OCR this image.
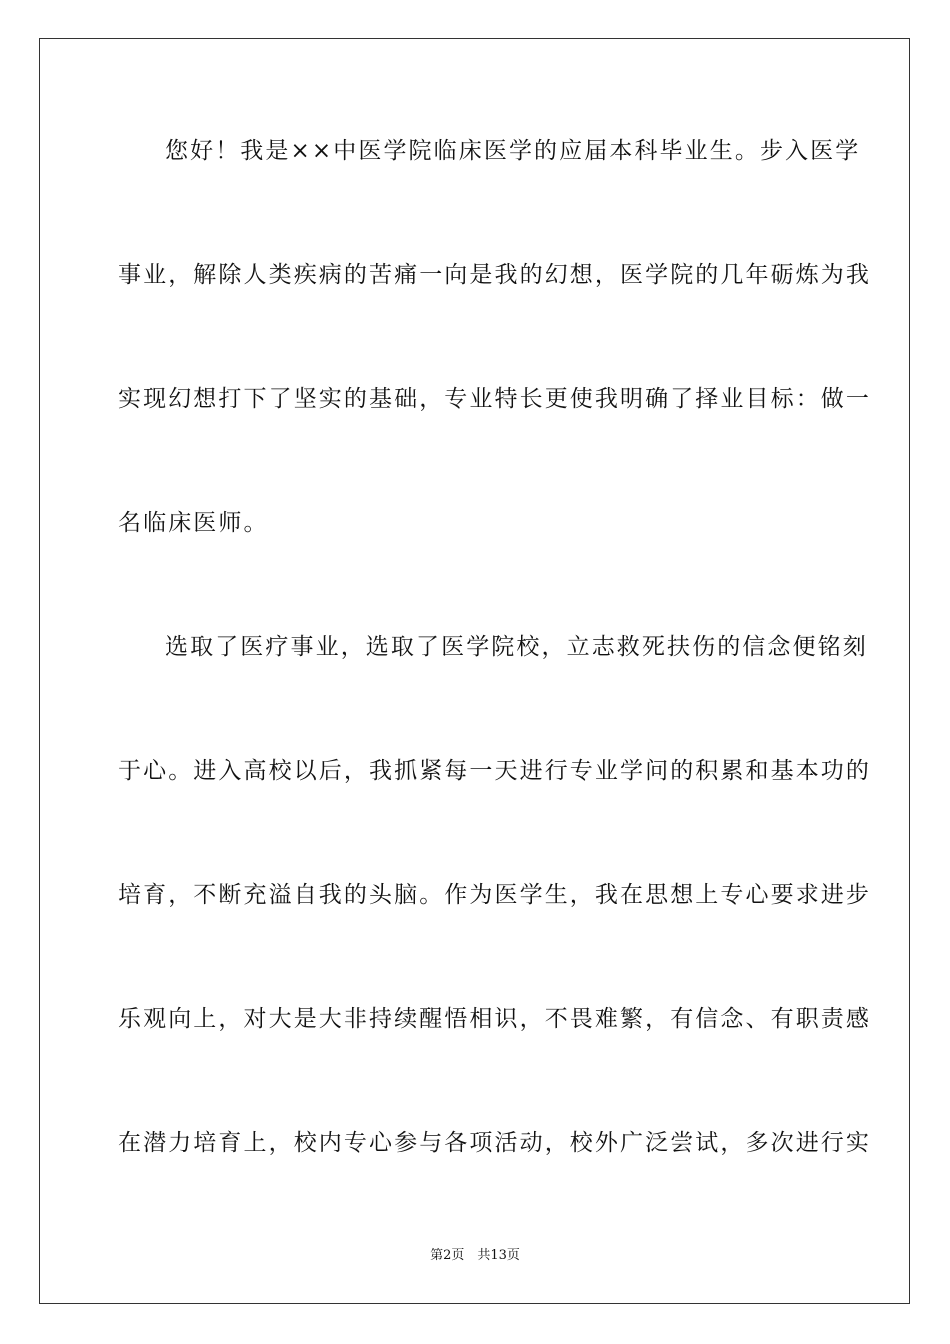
您好！我是××中医学院临床医学的应届本科毕业生。步入医学
事业，解除人类疾病的苦痛一向是我的幻想，医学院的几年砺炼为我
实现幻想打下了坚实的基础，专业特长更使我明确了择业目标：做一
名临床医师。
选取了医疗事业，选取了医学院校，立志救死扶伤的信念便铭刻
于心。进入高校以后，我抓紧每一天进行专业学问的积累和基本功的
培育，不断充溢自我的头脑。作为医学生，我在思想上专心要求进步
乐观向上，对大是大非持续醒悟相识，不畏难繁，有信念、有职责感
在潜力培育上，校内专心参与各项活动，校外广泛尝试，多次进行实
第2页　共13页
